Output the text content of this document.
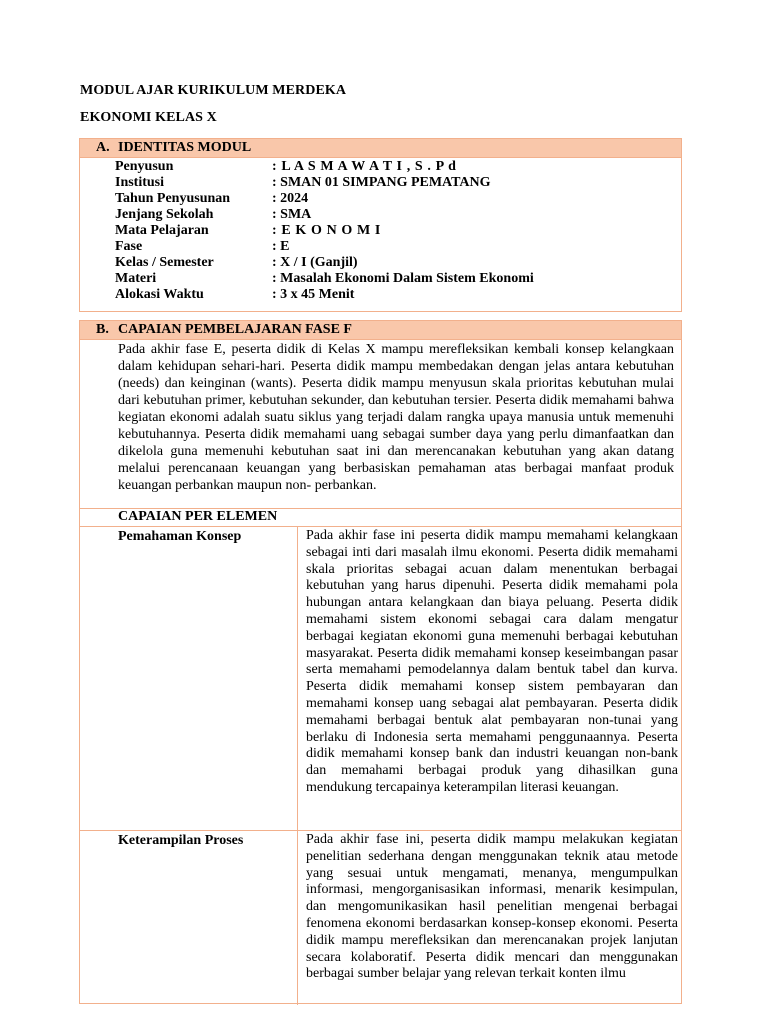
MODUL AJAR KURIKULUM MERDEKA
EKONOMI KELAS X
A. IDENTITAS MODUL
Penyusun	: L A S M A W A T I , S . P d
Institusi	: SMAN 01 SIMPANG PEMATANG
Tahun Penyusunan	: 2024
Jenjang Sekolah	: SMA
Mata Pelajaran	: E K O N O M I
Fase	: E
Kelas / Semester	: X / I (Ganjil)
Materi	: Masalah Ekonomi Dalam Sistem Ekonomi
Alokasi Waktu	: 3 x 45 Menit
B. CAPAIAN PEMBELAJARAN FASE F
Pada akhir fase E, peserta didik di Kelas X mampu merefleksikan kembali konsep kelangkaan dalam kehidupan sehari-hari. Peserta didik mampu membedakan dengan jelas antara kebutuhan (needs) dan keinginan (wants). Peserta didik mampu menyusun skala prioritas kebutuhan mulai dari kebutuhan primer, kebutuhan sekunder, dan kebutuhan tersier. Peserta didik memahami bahwa kegiatan ekonomi adalah suatu siklus yang terjadi dalam rangka upaya manusia untuk memenuhi kebutuhannya. Peserta didik memahami uang sebagai sumber daya yang perlu dimanfaatkan dan dikelola guna memenuhi kebutuhan saat ini dan merencanakan kebutuhan yang akan datang melalui perencanaan keuangan yang berbasiskan pemahaman atas berbagai manfaat produk keuangan perbankan maupun non- perbankan.
CAPAIAN PER ELEMEN
Pemahaman Konsep	Pada akhir fase ini peserta didik mampu memahami kelangkaan sebagai inti dari masalah ilmu ekonomi. Peserta didik memahami skala prioritas sebagai acuan dalam menentukan berbagai kebutuhan yang harus dipenuhi. Peserta didik memahami pola hubungan antara kelangkaan dan biaya peluang. Peserta didik memahami sistem ekonomi sebagai cara dalam mengatur berbagai kegiatan ekonomi guna memenuhi berbagai kebutuhan masyarakat. Peserta didik memahami konsep keseimbangan pasar serta memahami pemodelannya dalam bentuk tabel dan kurva. Peserta didik memahami konsep sistem pembayaran dan memahami konsep uang sebagai alat pembayaran. Peserta didik memahami berbagai bentuk alat pembayaran non-tunai yang berlaku di Indonesia serta memahami penggunaannya. Peserta didik memahami konsep bank dan industri keuangan non-bank dan memahami berbagai produk yang dihasilkan guna mendukung tercapainya keterampilan literasi keuangan.
Keterampilan Proses	Pada akhir fase ini, peserta didik mampu melakukan kegiatan penelitian sederhana dengan menggunakan teknik atau metode yang sesuai untuk mengamati, menanya, mengumpulkan informasi, mengorganisasikan informasi, menarik kesimpulan, dan mengomunikasikan hasil penelitian mengenai berbagai fenomena ekonomi berdasarkan konsep-konsep ekonomi. Peserta didik mampu merefleksikan dan merencanakan projek lanjutan secara kolaboratif. Peserta didik mencari dan menggunakan berbagai sumber belajar yang relevan terkait konten ilmu
